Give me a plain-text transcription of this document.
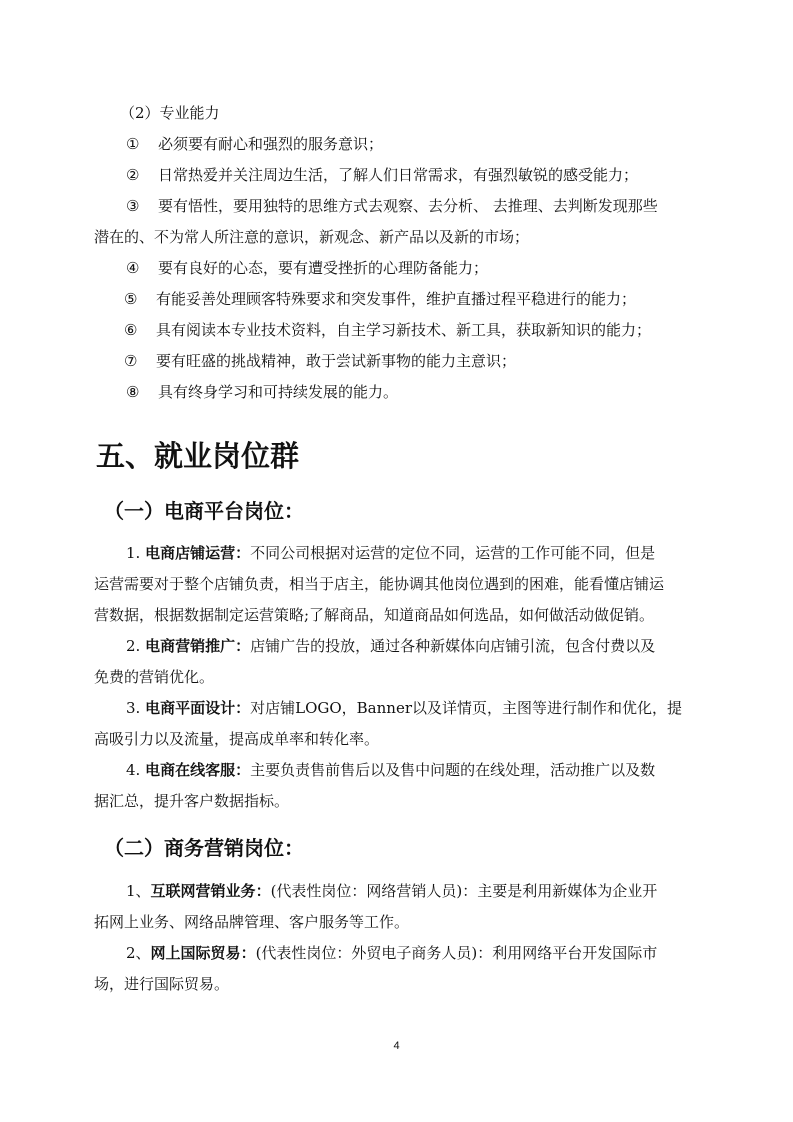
（2）专业能力
① 必须要有耐心和强烈的服务意识；
② 日常热爱并关注周边生活，了解人们日常需求，有强烈敏锐的感受能力；
③ 要有悟性，要用独特的思维方式去观察、去分析、 去推理、去判断发现那些
潜在的、不为常人所注意的意识，新观念、新产品以及新的市场；
④ 要有良好的心态，要有遭受挫折的心理防备能力；
⑤ 有能妥善处理顾客特殊要求和突发事件，维护直播过程平稳进行的能力；
⑥ 具有阅读本专业技术资料，自主学习新技术、新工具，获取新知识的能力；
⑦ 要有旺盛的挑战精神，敢于尝试新事物的能力主意识；
⑧ 具有终身学习和可持续发展的能力。
五、就业岗位群
（一）电商平台岗位：
1. 电商店铺运营：不同公司根据对运营的定位不同，运营的工作可能不同，但是
运营需要对于整个店铺负责，相当于店主，能协调其他岗位遇到的困难，能看懂店铺运
营数据，根据数据制定运营策略;了解商品，知道商品如何选品，如何做活动做促销。
2. 电商营销推广：店铺广告的投放，通过各种新媒体向店铺引流，包含付费以及
免费的营销优化。
3. 电商平面设计：对店铺LOGO，Banner以及详情页，主图等进行制作和优化，提
高吸引力以及流量，提高成单率和转化率。
4. 电商在线客服：主要负责售前售后以及售中问题的在线处理，活动推广以及数
据汇总，提升客户数据指标。
（二）商务营销岗位：
1、互联网营销业务：(代表性岗位：网络营销人员)：主要是利用新媒体为企业开
拓网上业务、网络品牌管理、客户服务等工作。
2、网上国际贸易：(代表性岗位：外贸电子商务人员)：利用网络平台开发国际市
场，进行国际贸易。
4
